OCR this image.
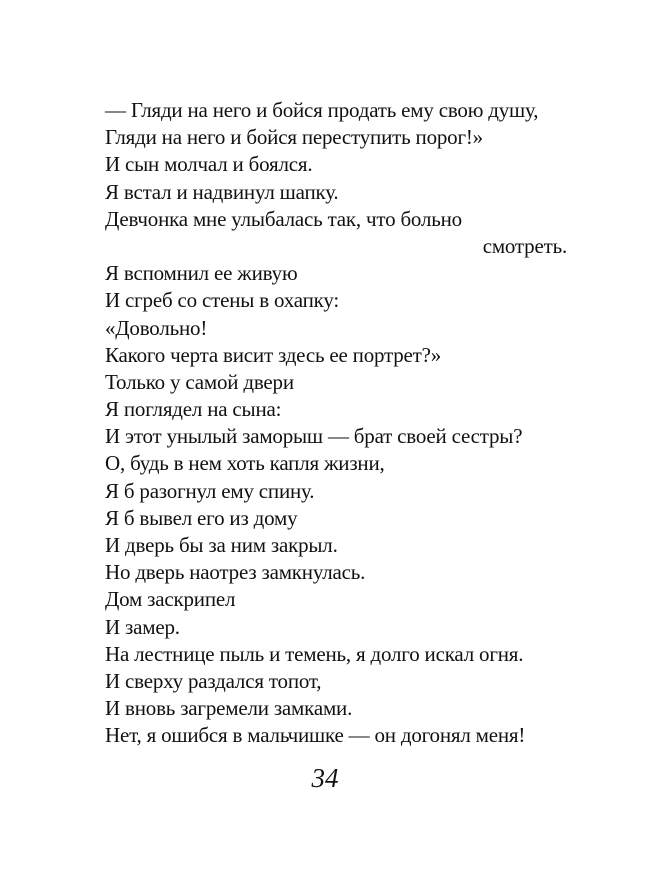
— Гляди на него и бойся продать ему свою душу,
Гляди на него и бойся переступить порог!»
И сын молчал и боялся.
Я встал и надвинул шапку.
Девчонка мне улыбалась так, что больно
смотреть.
Я вспомнил ее живую
И сгреб со стены в охапку:
«Довольно!
Какого черта висит здесь ее портрет?»
Только у самой двери
Я поглядел на сына:
И этот унылый заморыш — брат своей сестры?
О, будь в нем хоть капля жизни,
Я б разогнул ему спину.
Я б вывел его из дому
И дверь бы за ним закрыл.
Но дверь наотрез замкнулась.
Дом заскрипел
И замер.
На лестнице пыль и темень, я долго искал огня.
И сверху раздался топот,
И вновь загремели замками.
Нет, я ошибся в мальчишке — он догонял меня!
34
